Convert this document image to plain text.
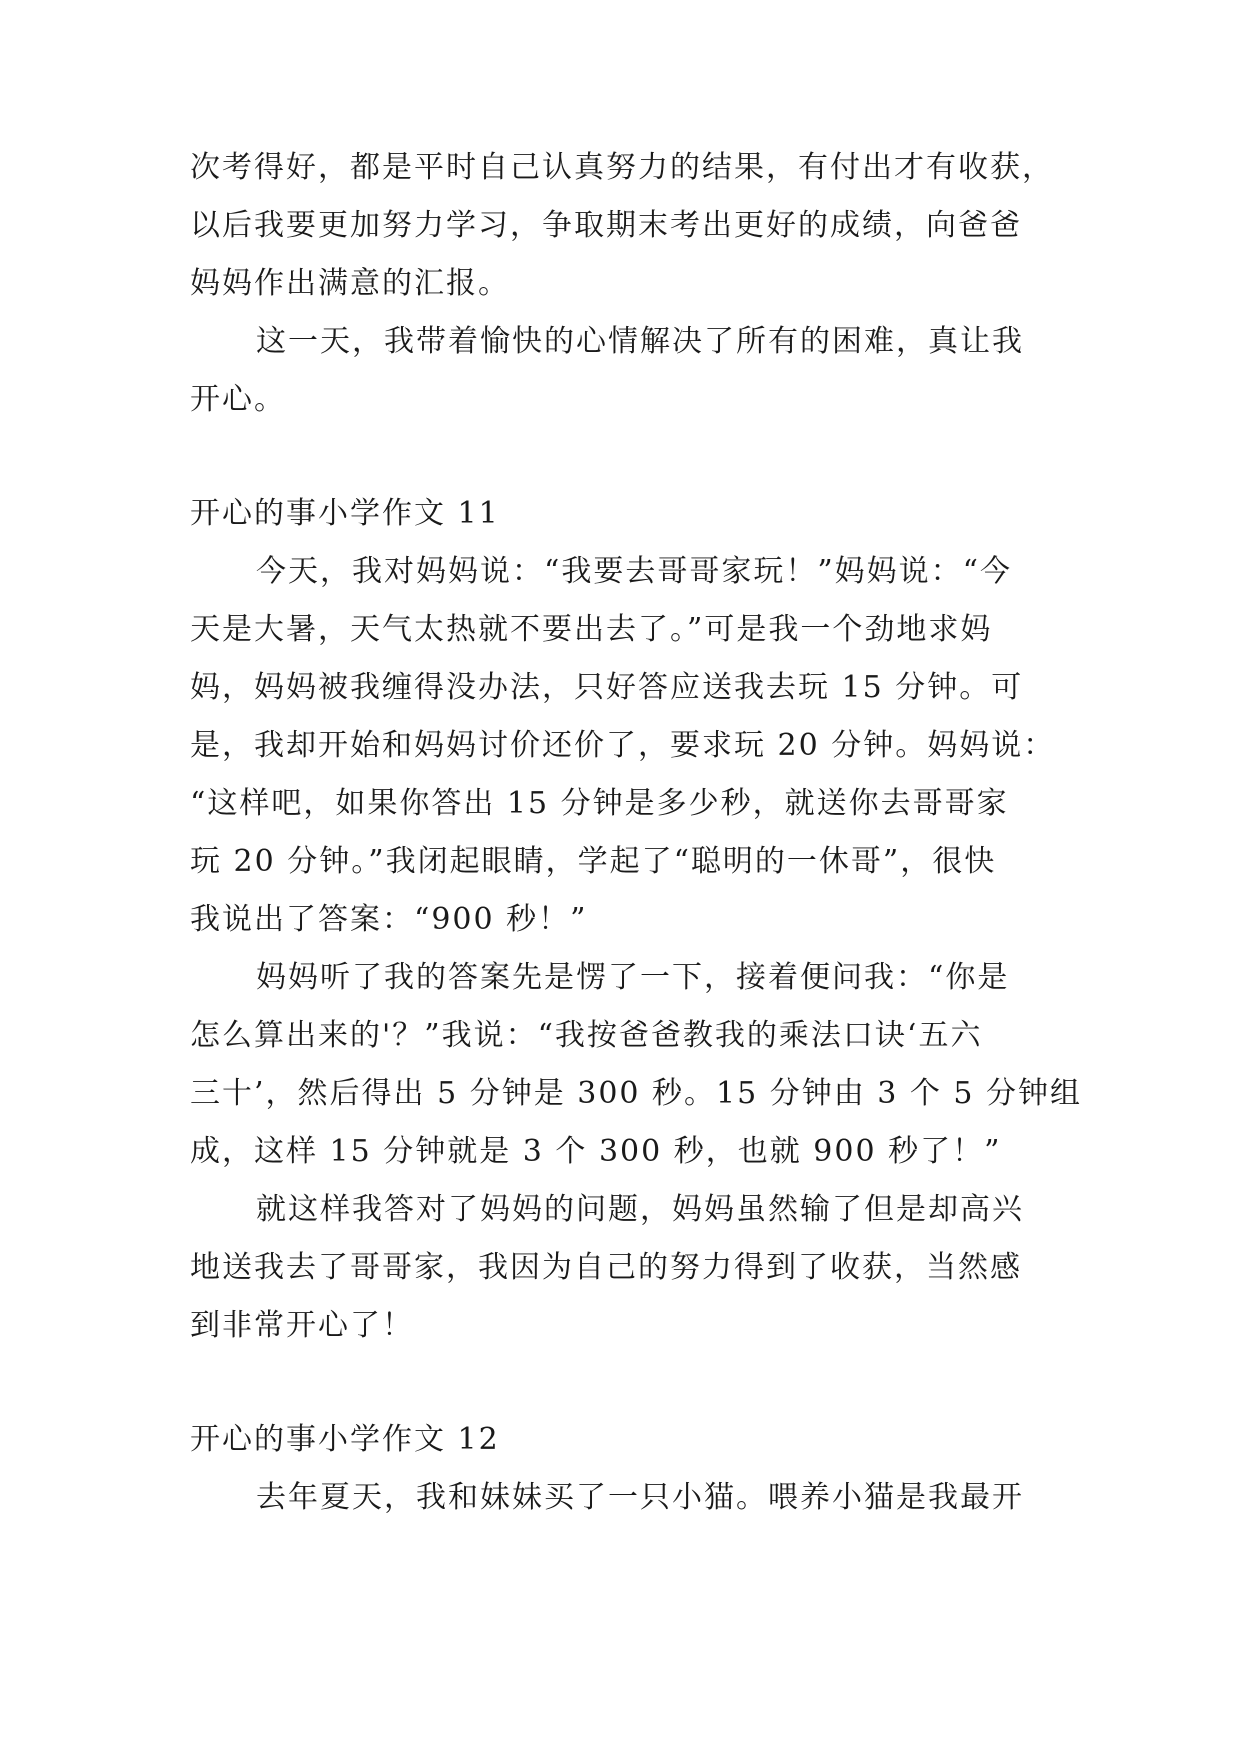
次考得好，都是平时自己认真努力的结果，有付出才有收获，
以后我要更加努力学习，争取期末考出更好的成绩，向爸爸
妈妈作出满意的汇报。
这一天，我带着愉快的心情解决了所有的困难，真让我
开心。
开心的事小学作文 11
今天，我对妈妈说：“我要去哥哥家玩！”妈妈说：“今
天是大暑，天气太热就不要出去了。”可是我一个劲地求妈
妈，妈妈被我缠得没办法，只好答应送我去玩 15 分钟。可
是，我却开始和妈妈讨价还价了，要求玩 20 分钟。妈妈说：
“这样吧，如果你答出 15 分钟是多少秒，就送你去哥哥家
玩 20 分钟。”我闭起眼睛，学起了“聪明的一休哥”，很快
我说出了答案：“900 秒！”
妈妈听了我的答案先是愣了一下，接着便问我：“你是
怎么算出来的'？”我说：“我按爸爸教我的乘法口诀‘五六
三十’，然后得出 5 分钟是 300 秒。15 分钟由 3 个 5 分钟组
成，这样 15 分钟就是 3 个 300 秒，也就 900 秒了！”
就这样我答对了妈妈的问题，妈妈虽然输了但是却高兴
地送我去了哥哥家，我因为自己的努力得到了收获，当然感
到非常开心了！
开心的事小学作文 12
去年夏天，我和妹妹买了一只小猫。喂养小猫是我最开
